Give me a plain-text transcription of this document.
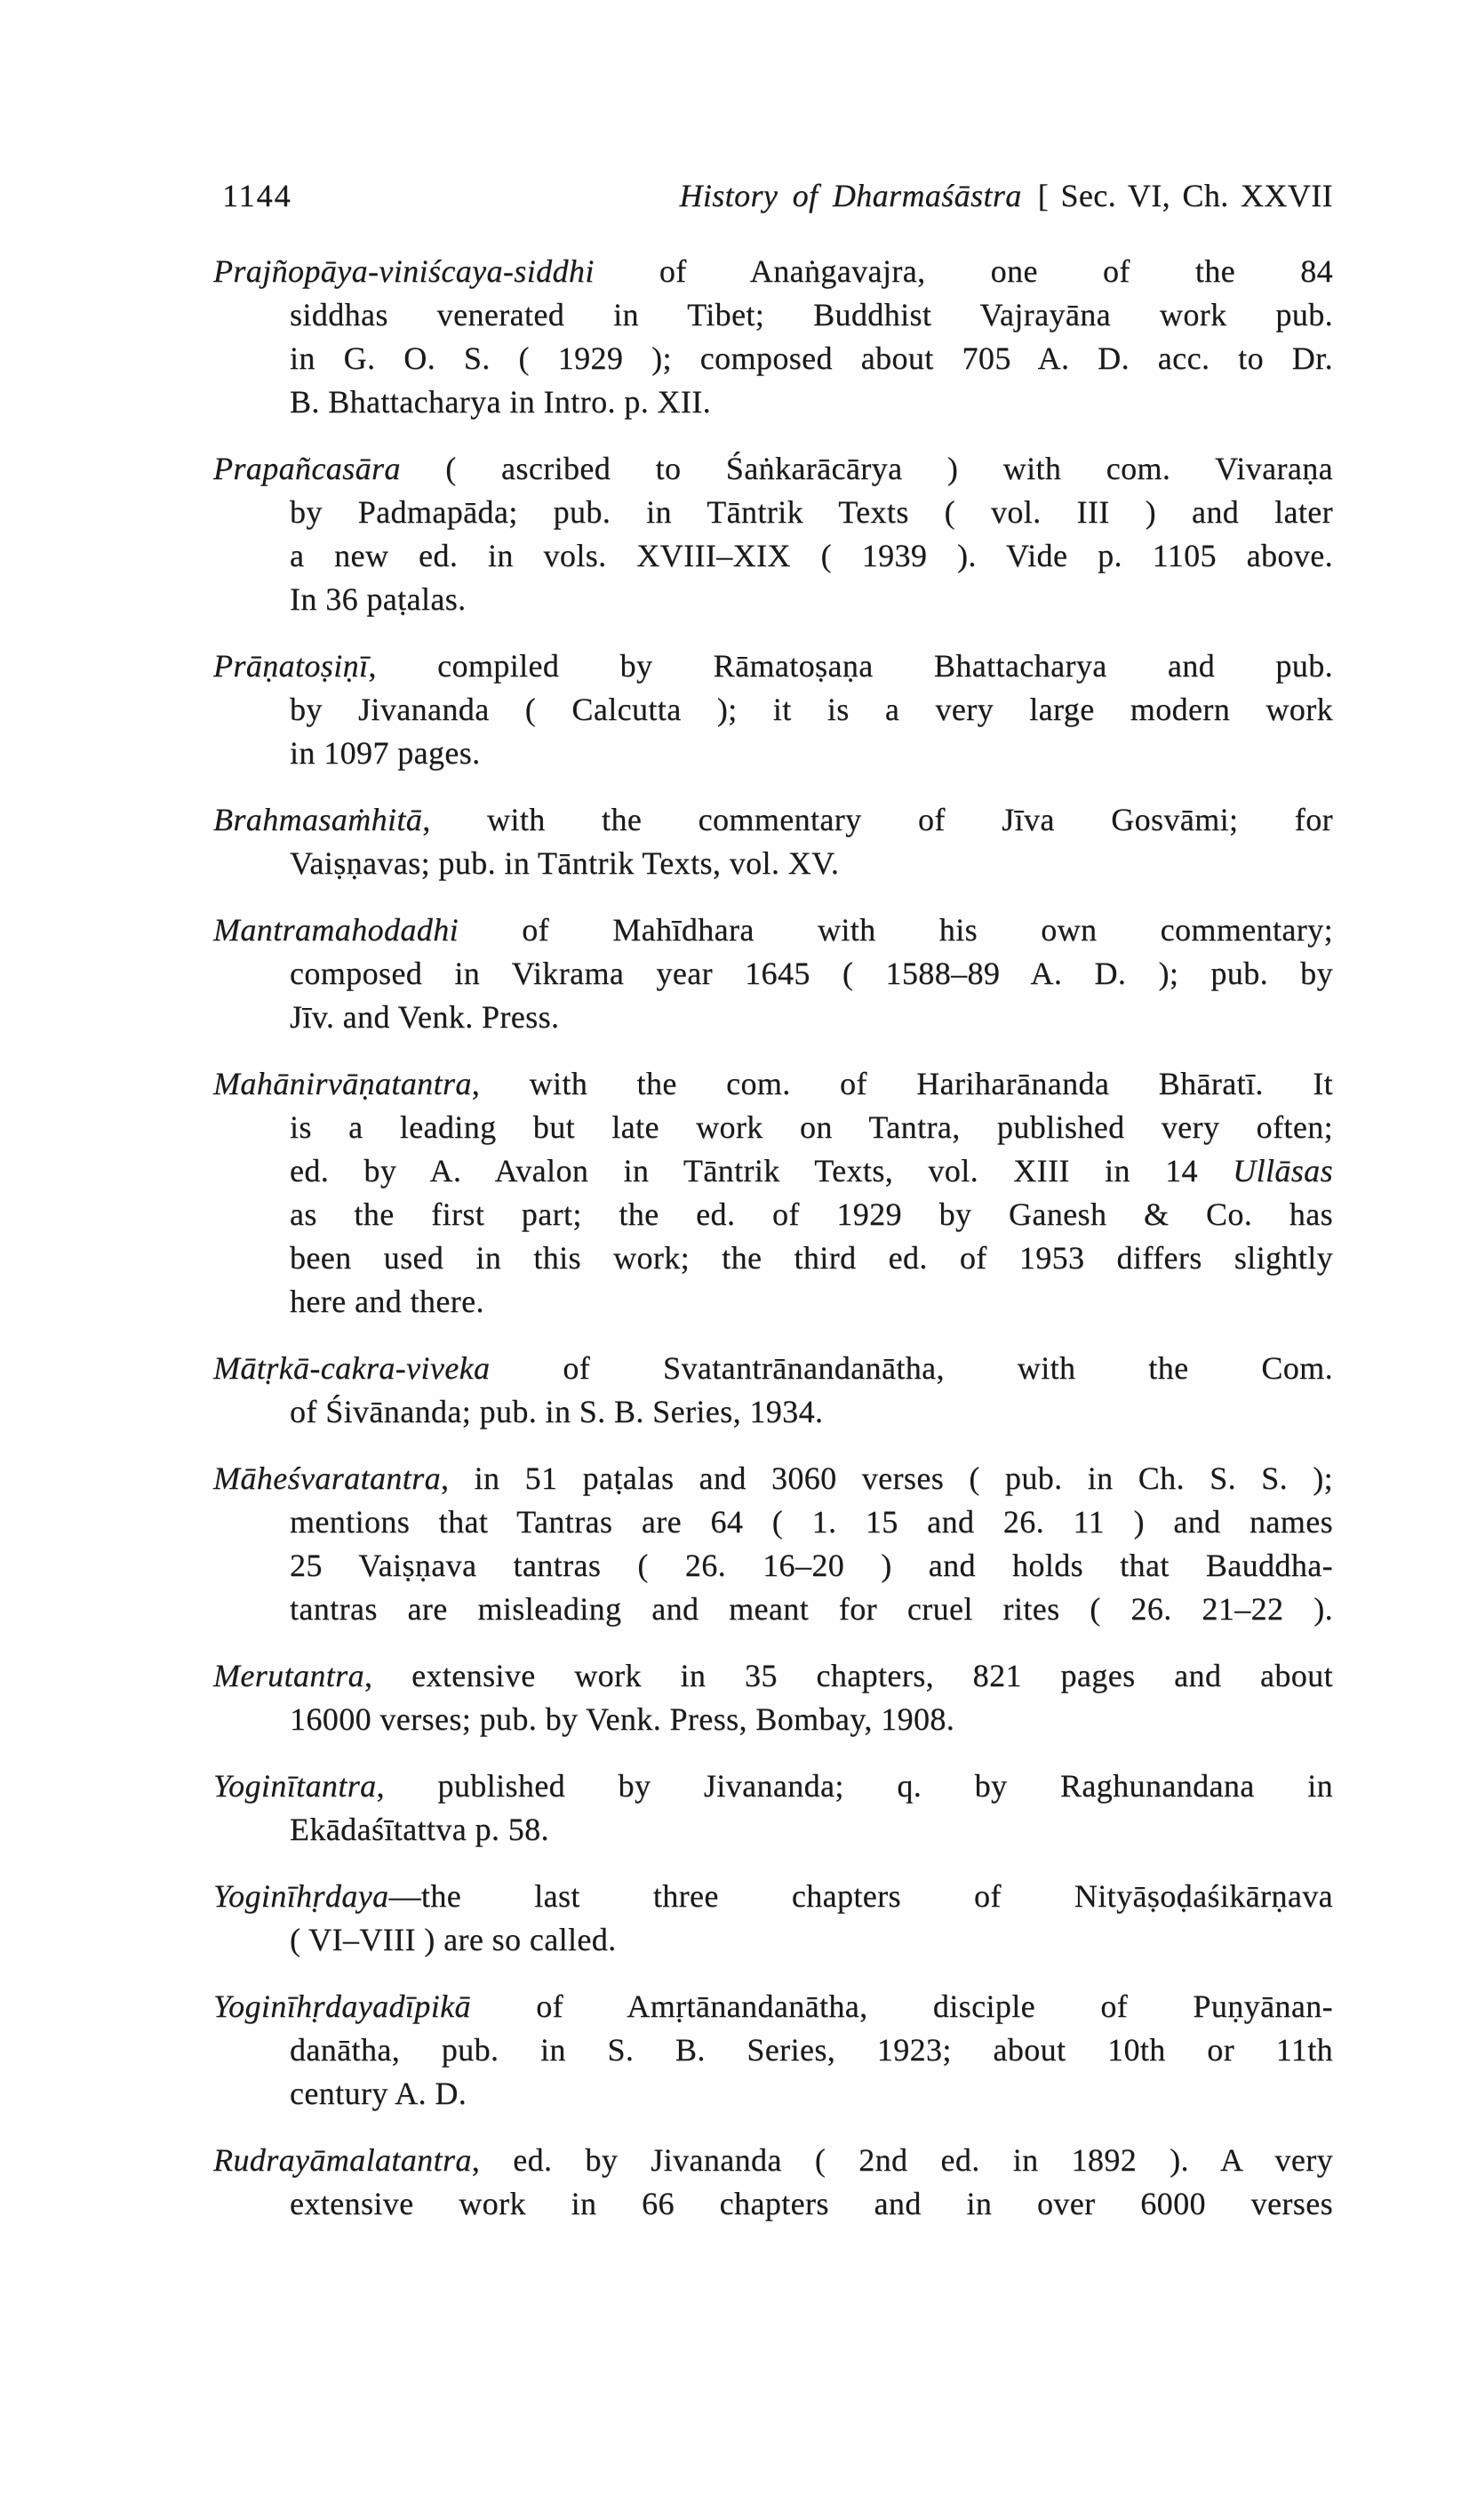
1144	History of Dharmaśāstra [ Sec. VI, Ch. XXVII
Prajñopāya-viniścaya-siddhi of Anaṅgavajra, one of the 84
siddhas venerated in Tibet; Buddhist Vajrayāna work pub.
in G. O. S. ( 1929 ); composed about 705 A. D. acc. to Dr.
B. Bhattacharya in Intro. p. XII.
Prapañcasāra ( ascribed to Śaṅkarācārya ) with com. Vivaraṇa
by Padmapāda; pub. in Tāntrik Texts ( vol. III ) and later
a new ed. in vols. XVIII–XIX ( 1939 ). Vide p. 1105 above.
In 36 paṭalas.
Prāṇatoṣiṇī, compiled by Rāmatoṣaṇa Bhattacharya and pub.
by Jivananda ( Calcutta ); it is a very large modern work
in 1097 pages.
Brahmasaṁhitā, with the commentary of Jīva Gosvāmi; for
Vaiṣṇavas; pub. in Tāntrik Texts, vol. XV.
Mantramahodadhi of Mahīdhara with his own commentary;
composed in Vikrama year 1645 ( 1588–89 A. D. ); pub. by
Jīv. and Venk. Press.
Mahānirvāṇatantra, with the com. of Hariharānanda Bhāratī. It
is a leading but late work on Tantra, published very often;
ed. by A. Avalon in Tāntrik Texts, vol. XIII in 14 Ullāsas
as the first part; the ed. of 1929 by Ganesh & Co. has
been used in this work; the third ed. of 1953 differs slightly
here and there.
Mātṛkā-cakra-viveka of Svatantrānandanātha, with the Com.
of Śivānanda; pub. in S. B. Series, 1934.
Māheśvaratantra, in 51 paṭalas and 3060 verses ( pub. in Ch. S. S. );
mentions that Tantras are 64 ( 1. 15 and 26. 11 ) and names
25 Vaiṣṇava tantras ( 26. 16–20 ) and holds that Bauddha-
tantras are misleading and meant for cruel rites ( 26. 21–22 ).
Merutantra, extensive work in 35 chapters, 821 pages and about
16000 verses; pub. by Venk. Press, Bombay, 1908.
Yoginītantra, published by Jivananda; q. by Raghunandana in
Ekādaśītattva p. 58.
Yoginīhṛdaya—the last three chapters of Nityāṣoḍaśikārṇava
( VI–VIII ) are so called.
Yoginīhṛdayadīpikā of Amṛtānandanātha, disciple of Puṇyānan-
danātha, pub. in S. B. Series, 1923; about 10th or 11th
century A. D.
Rudrayāmalatantra, ed. by Jivananda ( 2nd ed. in 1892 ). A very
extensive work in 66 chapters and in over 6000 verses
